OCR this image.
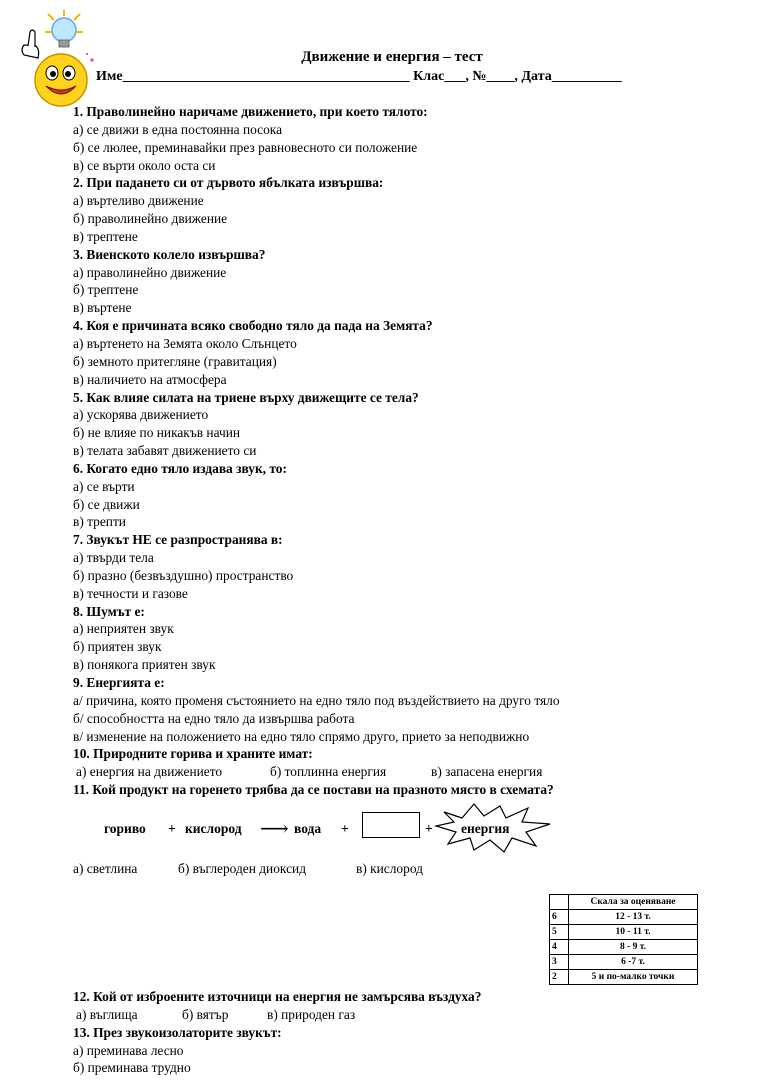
Движение и енергия – тест
Име_________________________________________ Клас___, №____, Дата__________
1. Праволинейно наричаме движението, при което тялото:
а) се движи в една постоянна посока
б) се люлее, преминавайки през равновесното си положение
в) се върти около оста си
2. При падането си от дървото ябълката извършва:
а) въртеливо движение
б) праволинейно движение
в) трептене
3. Виенското колело извършва?
а) праволинейно движение
б) трептене
в) въртене
4. Коя е причината всяко свободно тяло да пада на Земята?
а) въртенето на Земята около Слънцето
б) земното притегляне (гравитация)
в) наличието на атмосфера
5. Как влияе силата на триене върху движещите се тела?
а) ускорява движението
б) не влияе по никакъв начин
в) телата забавят движението си
6. Когато едно тяло издава звук, то:
а) се върти
б) се движи
в) трепти
7. Звукът НЕ се разпространява в:
а) твърди тела
б) празно (безвъздушно) пространство
в) течности и газове
8. Шумът е:
а) неприятен звук
б) приятен звук
в) понякога приятен звук
9. Енергията е:
а/ причина, която променя състоянието на едно тяло под въздействието на друго тяло
б/ способността на едно тяло да извършва работа
в/ изменение на положението на едно тяло спрямо друго, прието за неподвижно
10. Природните горива и храните имат:
а) енергия на движението	б) топлинна енергия	в) запасена енергия
11. Кой продукт на горенето трябва да се постави на празното място в схемата?
гориво + кислород ⟶ вода +	+ енергия
а) светлина	б) въглероден диоксид	в) кислород
	Скала за оценяване
6	12 - 13 т.
5	10 - 11 т.
4	8 - 9 т.
3	6 -7 т.
2	5 и по-малко точки
12. Кой от изброените източници на енергия не замърсява въздуха?
а) въглища	б) вятър	в) природен газ
13. През звукоизолаторите звукът:
а) преминава лесно
б) преминава трудно
